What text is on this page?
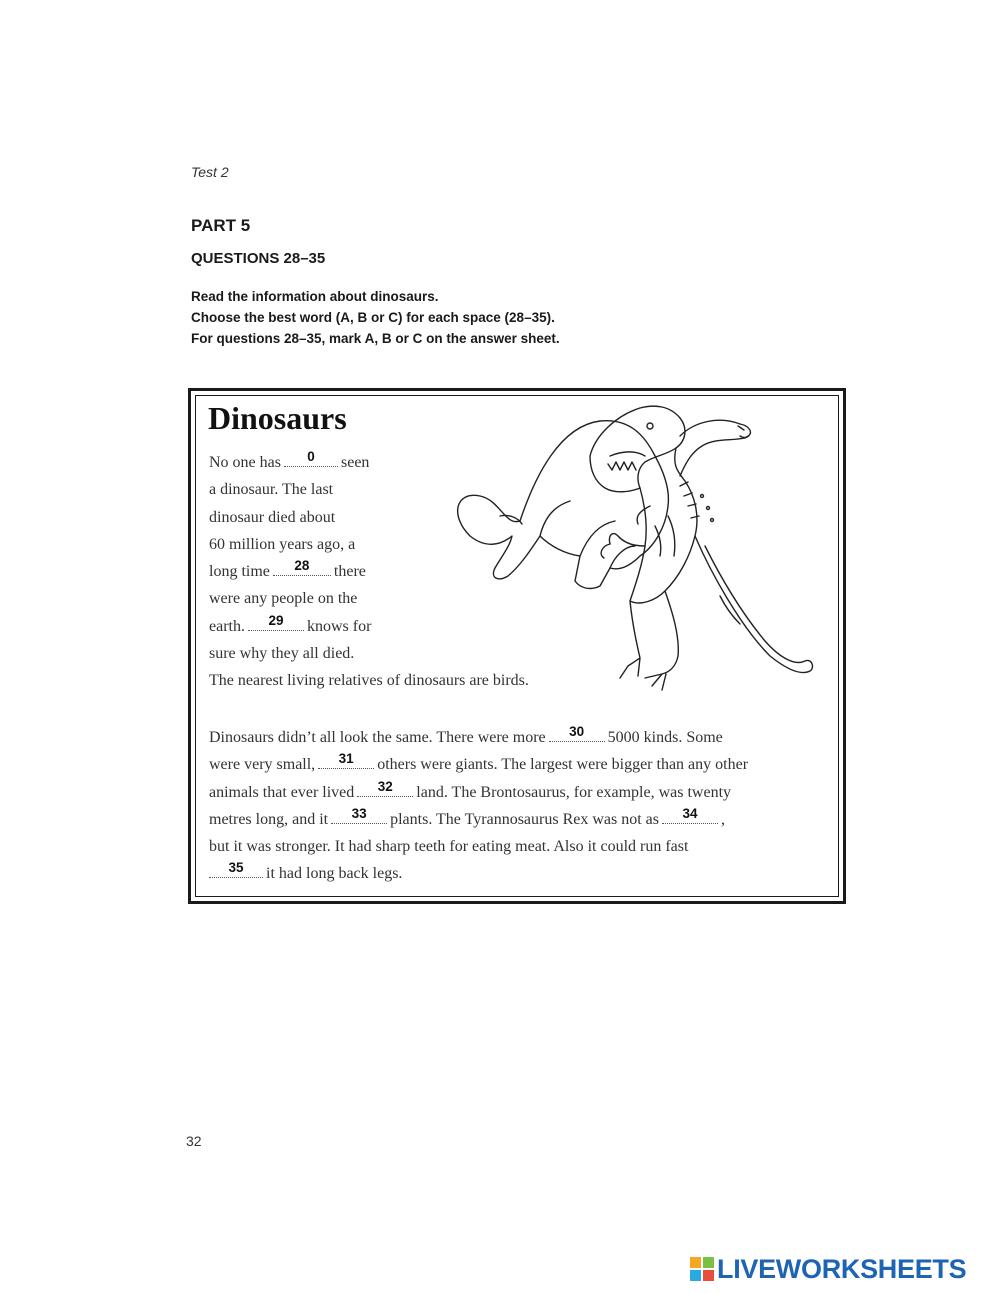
Test 2
PART 5
QUESTIONS 28–35
Read the information about dinosaurs.
Choose the best word (A, B or C) for each space (28–35).
For questions 28–35, mark A, B or C on the answer sheet.
Dinosaurs
No one has	0	seen
a dinosaur. The last
dinosaur died about
60 million years ago, a
long time	28	there
were any people on the
earth.	29	knows for
sure why they all died.
The nearest living relatives of dinosaurs are birds.
Dinosaurs didn’t all look the same. There were more	30	5000 kinds. Some
were very small,	31	others were giants. The largest were bigger than any other
animals that ever lived	32	land. The Brontosaurus, for example, was twenty
metres long, and it	33	plants. The Tyrannosaurus Rex was not as	34	,
but it was stronger. It had sharp teeth for eating meat. Also it could run fast
35	it had long back legs.
32
LIVEWORKSHEETS
